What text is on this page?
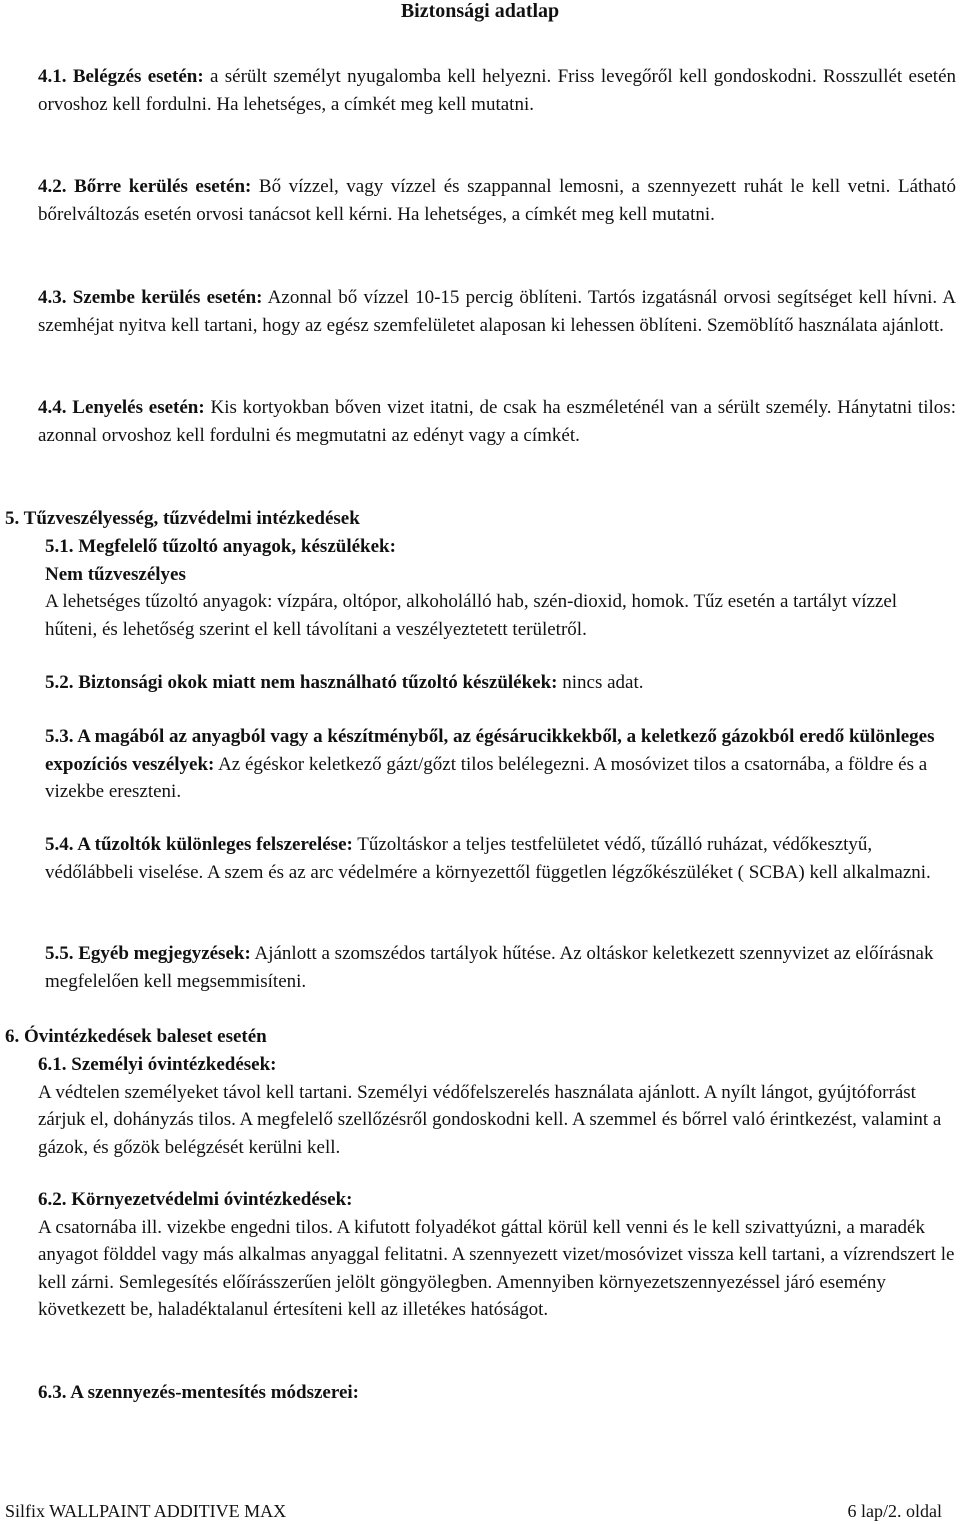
Biztonsági adatlap
4.1. Belégzés esetén: a sérült személyt nyugalomba kell helyezni. Friss levegőről kell gondoskodni. Rosszullét esetén orvoshoz kell fordulni. Ha lehetséges, a címkét meg kell mutatni.
4.2. Bőrre kerülés esetén: Bő vízzel, vagy vízzel és szappannal lemosni, a szennyezett ruhát le kell vetni. Látható bőrelváltozás esetén orvosi tanácsot kell kérni. Ha lehetséges, a címkét meg kell mutatni.
4.3. Szembe kerülés esetén: Azonnal bő vízzel 10-15 percig öblíteni. Tartós izgatásnál orvosi segítséget kell hívni. A szemhéjat nyitva kell tartani, hogy az egész szemfelületet alaposan ki lehessen öblíteni. Szemöblítő használata ajánlott.
4.4. Lenyelés esetén: Kis kortyokban bőven vizet itatni, de csak ha eszméleténél van a sérült személy. Hánytatni tilos: azonnal orvoshoz kell fordulni és megmutatni az edényt vagy a címkét.
5. Tűzveszélyesség, tűzvédelmi intézkedések
5.1. Megfelelő tűzoltó anyagok, készülékek:
Nem tűzveszélyes
A lehetséges tűzoltó anyagok: vízpára, oltópor, alkoholálló hab, szén-dioxid, homok. Tűz esetén a tartályt vízzel hűteni, és lehetőség szerint el kell távolítani a veszélyeztetett területről.
5.2. Biztonsági okok miatt nem használható tűzoltó készülékek: nincs adat.
5.3. A magából az anyagból vagy a készítményből, az égésárucikkekből, a keletkező gázokból eredő különleges expozíciós veszélyek: Az égéskor keletkező gázt/gőzt tilos belélegezni. A mosóvizet tilos a csatornába, a földre és a vizekbe ereszteni.
5.4. A tűzoltók különleges felszerelése: Tűzoltáskor a teljes testfelületet védő, tűzálló ruházat, védőkesztyű, védőlábbeli viselése. A szem és az arc védelmére a környezettől független légzőkészüléket ( SCBA) kell alkalmazni.
5.5. Egyéb megjegyzések: Ajánlott a szomszédos tartályok hűtése. Az oltáskor keletkezett szennyvizet az előírásnak megfelelően kell megsemmisíteni.
6. Óvintézkedések baleset esetén
6.1. Személyi óvintézkedések:
A védtelen személyeket távol kell tartani. Személyi védőfelszerelés használata ajánlott. A nyílt lángot, gyújtóforrást zárjuk el, dohányzás tilos. A megfelelő szellőzésről gondoskodni kell. A szemmel és bőrrel való érintkezést, valamint a gázok, és gőzök belégzését kerülni kell.
6.2. Környezetvédelmi óvintézkedések:
A csatornába ill. vizekbe engedni tilos. A kifutott folyadékot gáttal körül kell venni és le kell szivattyúzni, a maradék anyagot földdel vagy más alkalmas anyaggal felitatni. A szennyezett vizet/mosóvizet vissza kell tartani, a vízrendszert le kell zárni. Semlegesítés előírásszerűen jelölt göngyölegben. Amennyiben környezetszennyezéssel járó esemény következett be, haladéktalanul értesíteni kell az illetékes hatóságot.
6.3. A szennyezés-mentesítés módszerei:
Silfix WALLPAINT ADDITIVE MAX	6 lap/2. oldal
